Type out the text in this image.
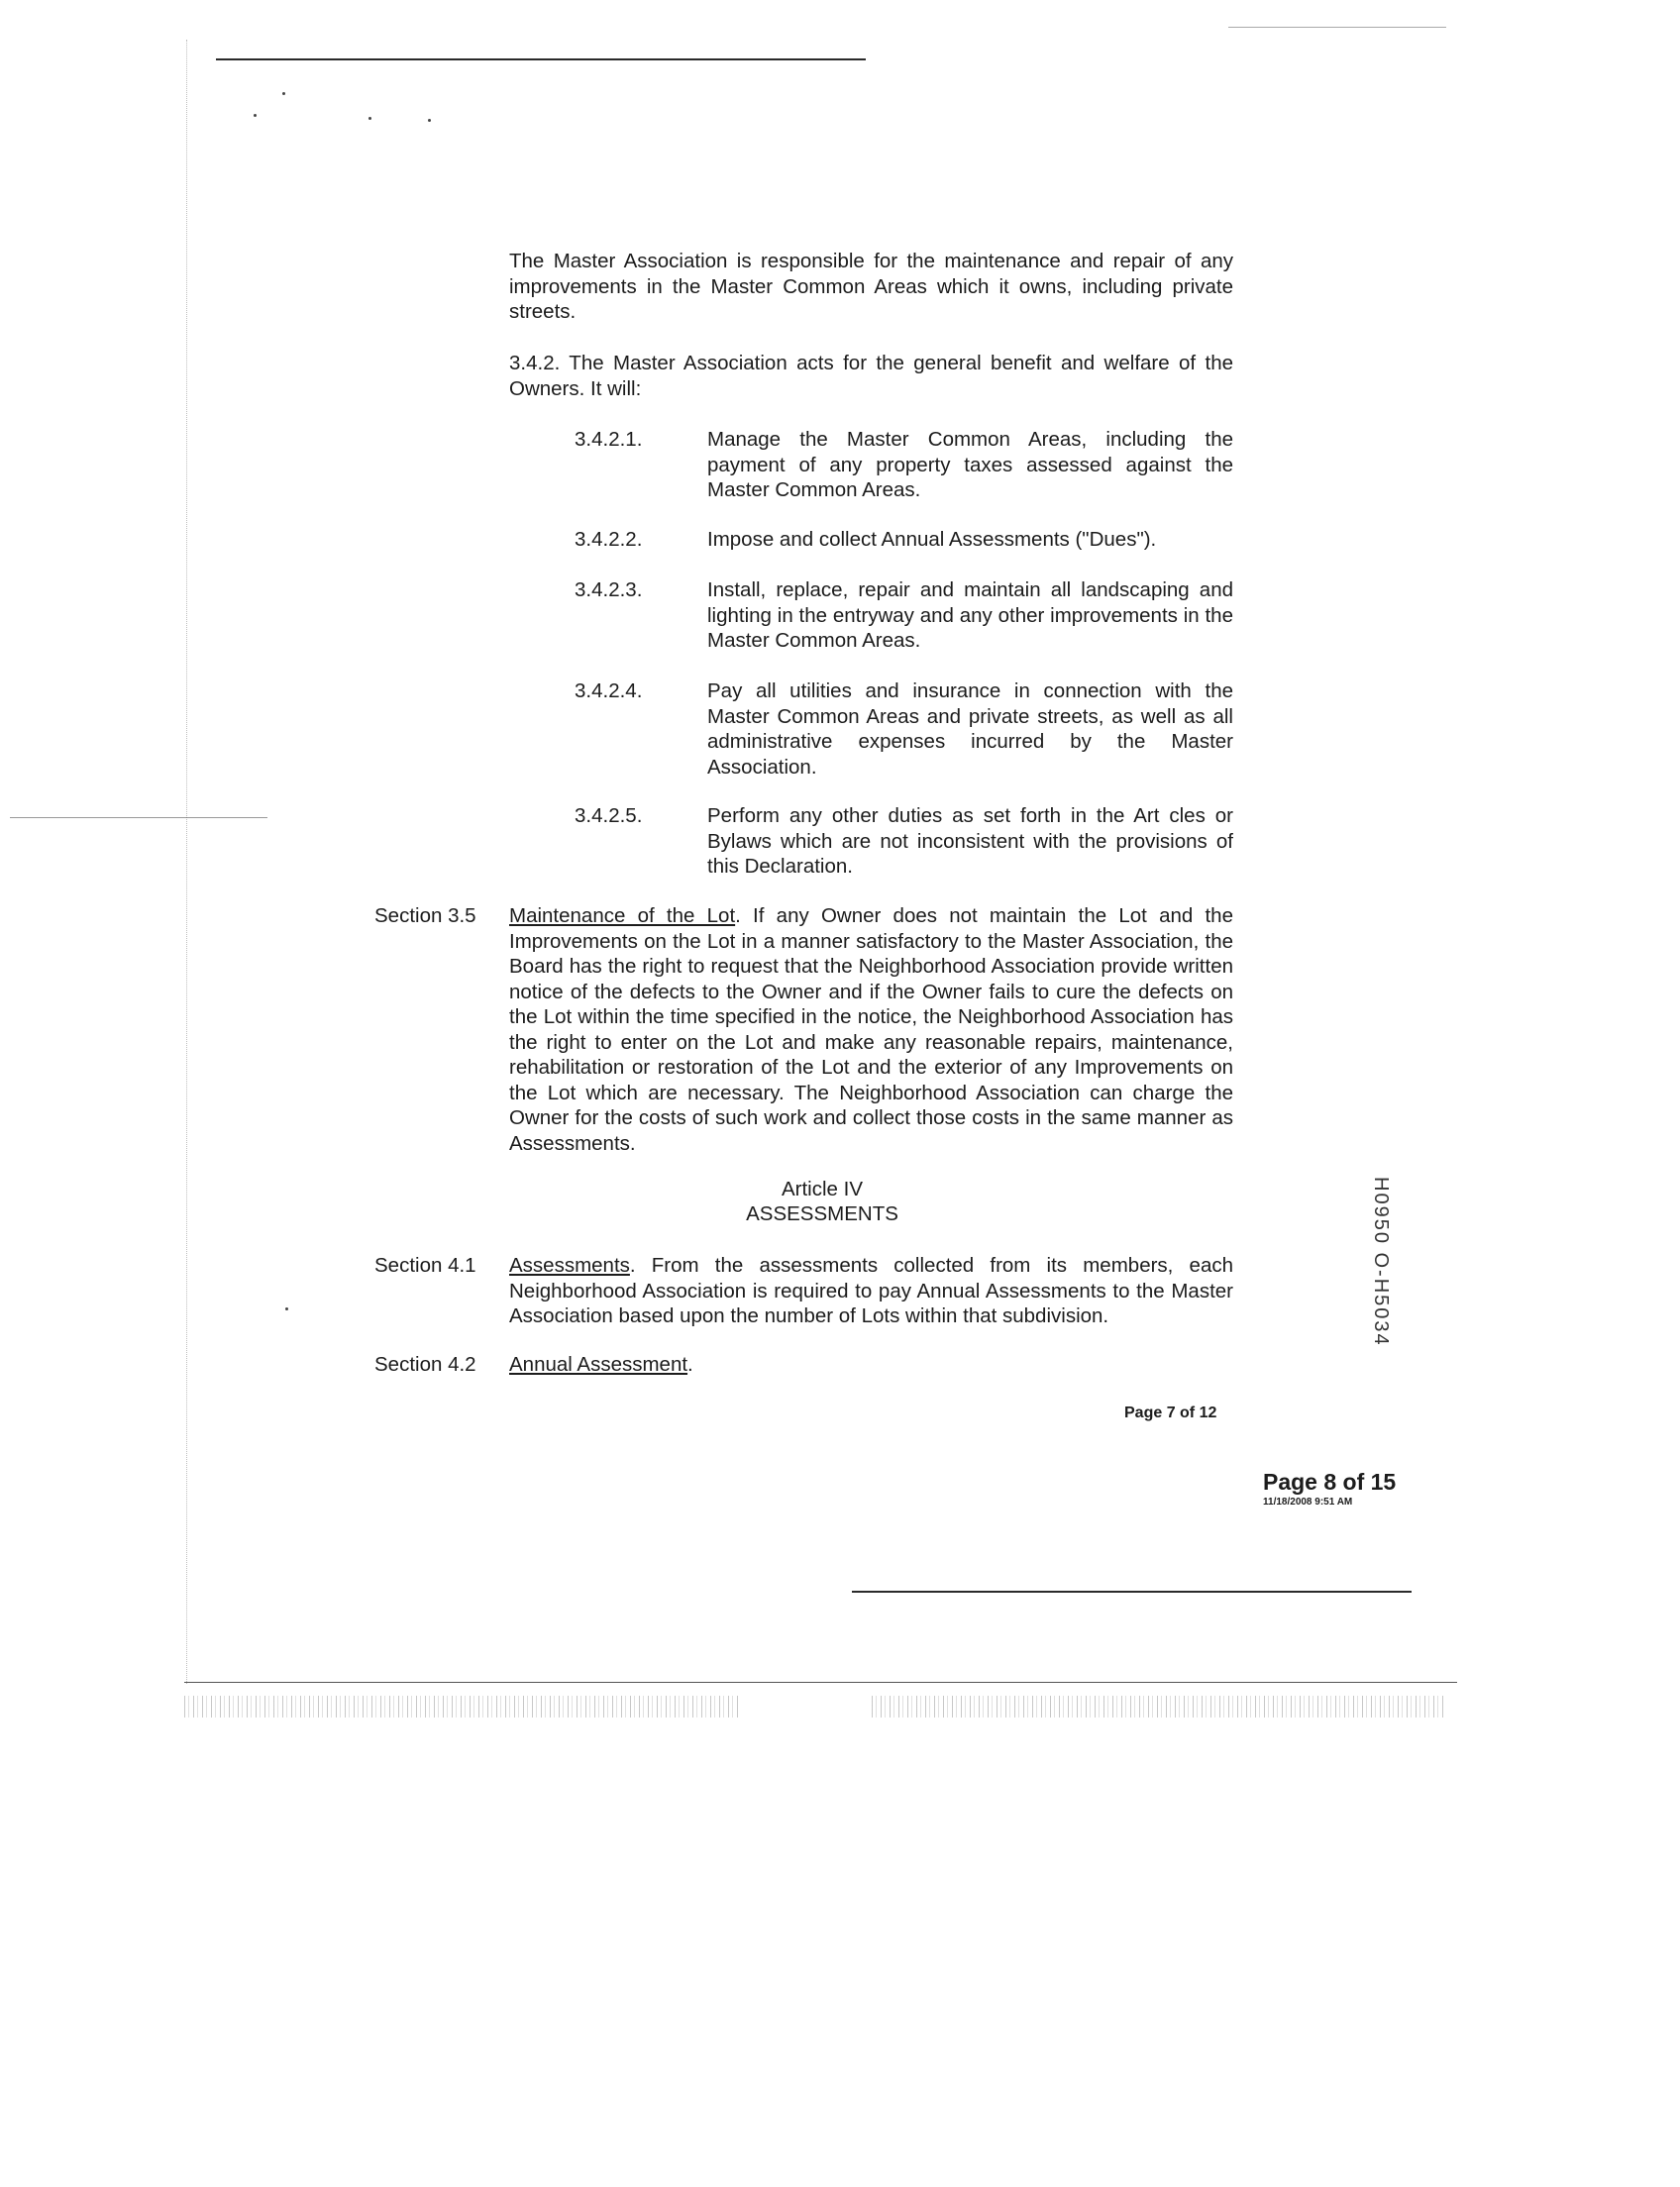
The Master Association is responsible for the maintenance and repair of any improvements in the Master Common Areas which it owns, including private streets.
3.4.2. The Master Association acts for the general benefit and welfare of the Owners. It will:
3.4.2.1.	Manage the Master Common Areas, including the payment of any property taxes assessed against the Master Common Areas.
3.4.2.2.	Impose and collect Annual Assessments ("Dues").
3.4.2.3.	Install, replace, repair and maintain all landscaping and lighting in the entryway and any other improvements in the Master Common Areas.
3.4.2.4.	Pay all utilities and insurance in connection with the Master Common Areas and private streets, as well as all administrative expenses incurred by the Master Association.
3.4.2.5.	Perform any other duties as set forth in the Art cles or Bylaws which are not inconsistent with the provisions of this Declaration.
Section 3.5 Maintenance of the Lot. If any Owner does not maintain the Lot and the Improvements on the Lot in a manner satisfactory to the Master Association, the Board has the right to request that the Neighborhood Association provide written notice of the defects to the Owner and if the Owner fails to cure the defects on the Lot within the time specified in the notice, the Neighborhood Association has the right to enter on the Lot and make any reasonable repairs, maintenance, rehabilitation or restoration of the Lot and the exterior of any Improvements on the Lot which are necessary. The Neighborhood Association can charge the Owner for the costs of such work and collect those costs in the same manner as Assessments.
Article IV
ASSESSMENTS
Section 4.1 Assessments. From the assessments collected from its members, each Neighborhood Association is required to pay Annual Assessments to the Master Association based upon the number of Lots within that subdivision.
Section 4.2 Annual Assessment.
Page 7 of 12
Page 8 of 15
11/18/2008 9:51 AM
H0950 O-H5034
